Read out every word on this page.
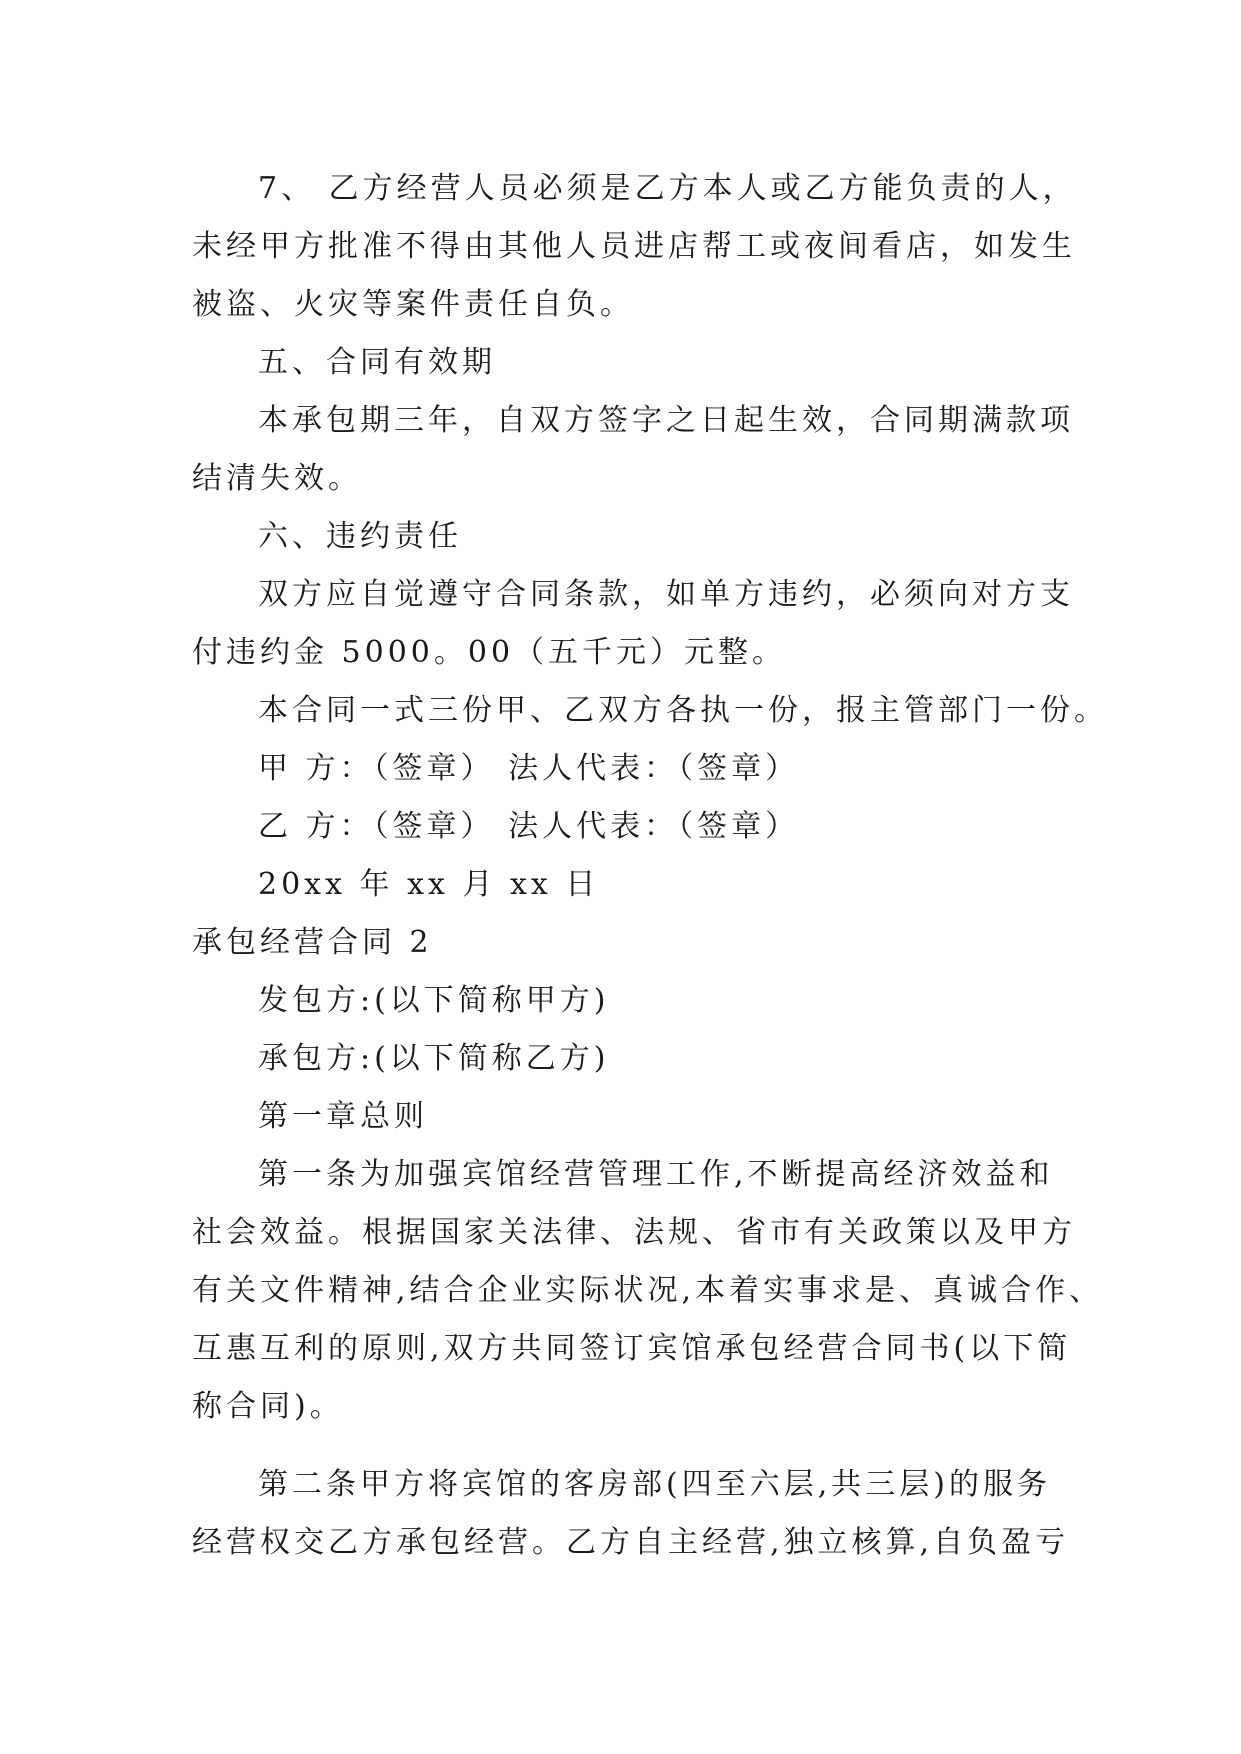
7、 乙方经营人员必须是乙方本人或乙方能负责的人，
未经甲方批准不得由其他人员进店帮工或夜间看店，如发生
被盗、火灾等案件责任自负。
五、合同有效期
本承包期三年，自双方签字之日起生效，合同期满款项
结清失效。
六、违约责任
双方应自觉遵守合同条款，如单方违约，必须向对方支
付违约金 5000。00（五千元）元整。
本合同一式三份甲、乙双方各执一份，报主管部门一份。
甲 方：（签章） 法人代表：（签章）
乙 方：（签章） 法人代表：（签章）
20xx 年 xx 月 xx 日
承包经营合同 2
发包方:(以下简称甲方)
承包方:(以下简称乙方)
第一章总则
第一条为加强宾馆经营管理工作,不断提高经济效益和
社会效益。根据国家关法律、法规、省市有关政策以及甲方
有关文件精神,结合企业实际状况,本着实事求是、真诚合作、
互惠互利的原则,双方共同签订宾馆承包经营合同书(以下简
称合同)。
第二条甲方将宾馆的客房部(四至六层,共三层)的服务
经营权交乙方承包经营。乙方自主经营,独立核算,自负盈亏
